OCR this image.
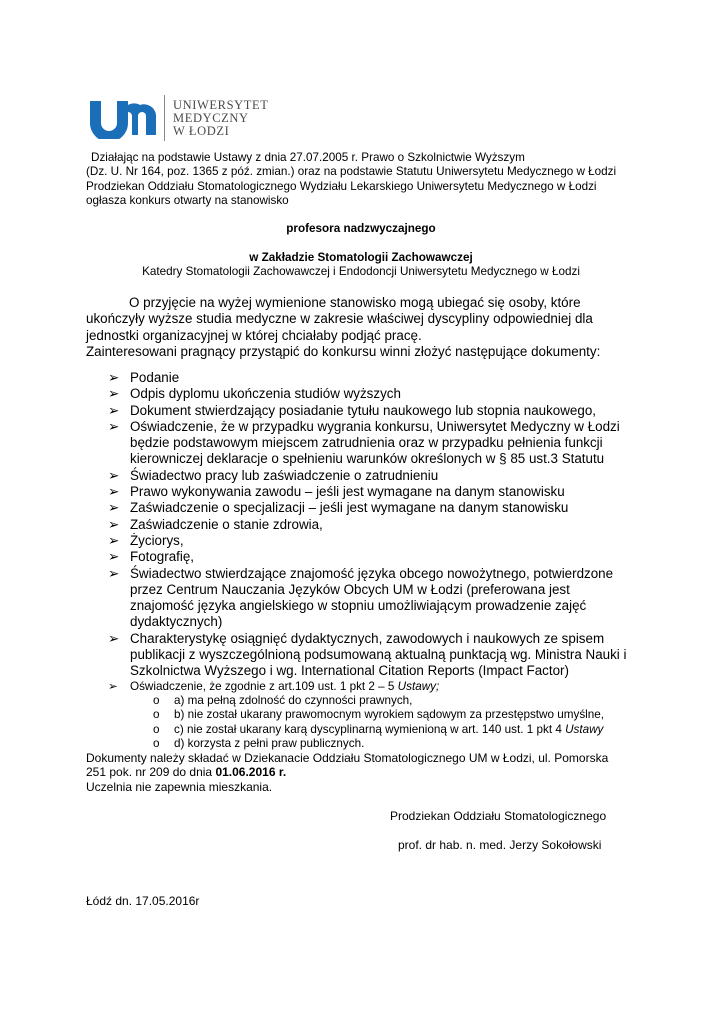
UNIWERSYTET
MEDYCZNY
W ŁODZI
Działając na podstawie Ustawy z dnia 27.07.2005 r. Prawo o Szkolnictwie Wyższym
(Dz. U. Nr 164, poz. 1365 z póź. zmian.) oraz na podstawie Statutu Uniwersytetu Medycznego w Łodzi
Prodziekan Oddziału Stomatologicznego Wydziału Lekarskiego Uniwersytetu Medycznego w Łodzi
ogłasza konkurs otwarty na stanowisko
profesora nadzwyczajnego
w Zakładzie Stomatologii Zachowawczej
Katedry Stomatologii Zachowawczej i Endodoncji Uniwersytetu Medycznego w Łodzi
O przyjęcie na wyżej wymienione stanowisko mogą ubiegać się osoby, które
ukończyły wyższe studia medyczne w zakresie właściwej dyscypliny odpowiedniej dla
jednostki organizacyjnej w której chciałaby podjąć pracę.
Zainteresowani pragnący przystąpić do konkursu winni złożyć następujące dokumenty:
➢ Podanie
➢ Odpis dyplomu ukończenia studiów wyższych
➢ Dokument stwierdzający posiadanie tytułu naukowego lub stopnia naukowego,
➢ Oświadczenie, że w przypadku wygrania konkursu, Uniwersytet Medyczny w Łodzi
będzie podstawowym miejscem zatrudnienia oraz w przypadku pełnienia funkcji
kierowniczej deklaracje o spełnieniu warunków określonych w § 85 ust.3 Statutu
➢ Świadectwo pracy lub zaświadczenie o zatrudnieniu
➢ Prawo wykonywania zawodu – jeśli jest wymagane na danym stanowisku
➢ Zaświadczenie o specjalizacji – jeśli jest wymagane na danym stanowisku
➢ Zaświadczenie o stanie zdrowia,
➢ Życiorys,
➢ Fotografię,
➢ Świadectwo stwierdzające znajomość języka obcego nowożytnego, potwierdzone
przez Centrum Nauczania Języków Obcych UM w Łodzi (preferowana jest
znajomość języka angielskiego w stopniu umożliwiającym prowadzenie zajęć
dydaktycznych)
➢ Charakterystykę osiągnięć dydaktycznych, zawodowych i naukowych ze spisem
publikacji z wyszczególnioną podsumowaną aktualną punktacją wg. Ministra Nauki i
Szkolnictwa Wyższego i wg. International Citation Reports (Impact Factor)
➢ Oświadczenie, że zgodnie z art.109 ust. 1 pkt 2 – 5 Ustawy;
o a) ma pełną zdolność do czynności prawnych,
o b) nie został ukarany prawomocnym wyrokiem sądowym za przestępstwo umyślne,
o c) nie został ukarany karą dyscyplinarną wymienioną w art. 140 ust. 1 pkt 4 Ustawy
o d) korzysta z pełni praw publicznych.
Dokumenty należy składać w Dziekanacie Oddziału Stomatologicznego UM w Łodzi, ul. Pomorska
251 pok. nr 209 do dnia 01.06.2016 r.
Uczelnia nie zapewnia mieszkania.
Prodziekan Oddziału Stomatologicznego
prof. dr hab. n. med. Jerzy Sokołowski
Łódź dn. 17.05.2016r
